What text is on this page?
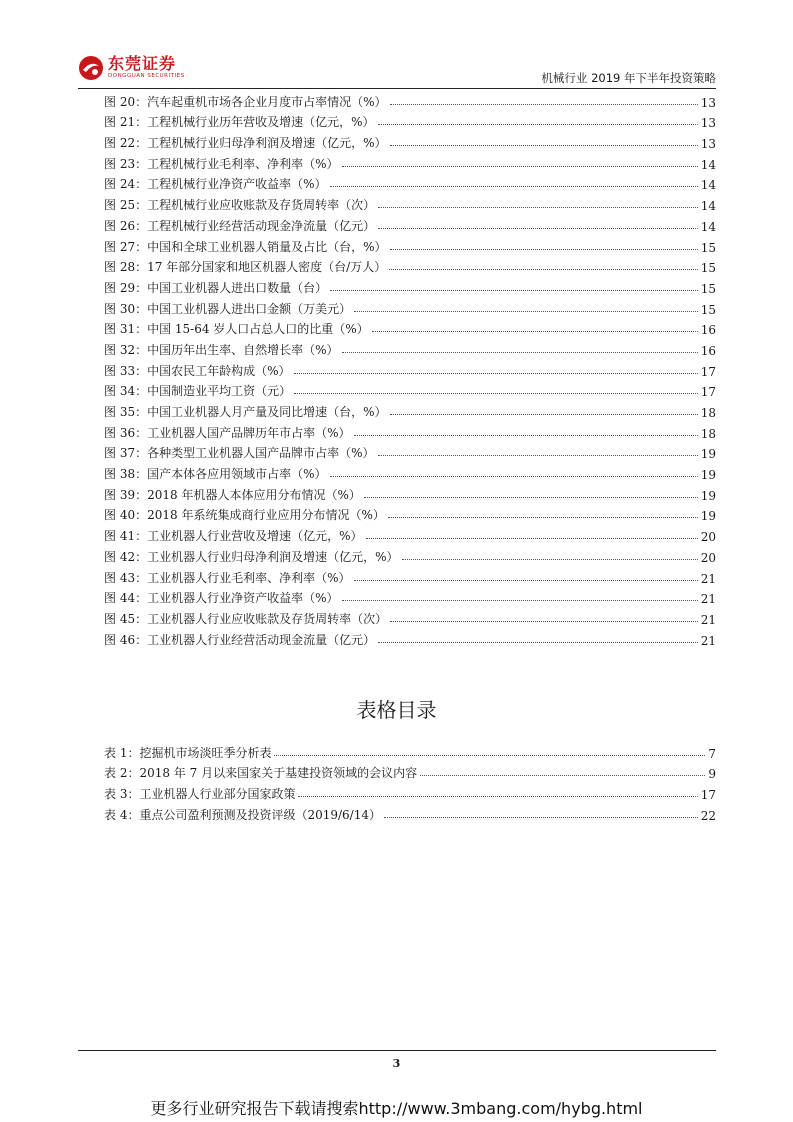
东莞证券
DONGGUAN SECURITIES	机械行业 2019 年下半年投资策略
图 20：汽车起重机市场各企业月度市占率情况（%）	13
图 21：工程机械行业历年营收及增速（亿元，%）	13
图 22：工程机械行业归母净利润及增速（亿元，%）	13
图 23：工程机械行业毛利率、净利率（%）	14
图 24：工程机械行业净资产收益率（%）	14
图 25：工程机械行业应收账款及存货周转率（次）	14
图 26：工程机械行业经营活动现金净流量（亿元）	14
图 27：中国和全球工业机器人销量及占比（台，%）	15
图 28：17 年部分国家和地区机器人密度（台/万人）	15
图 29：中国工业机器人进出口数量（台）	15
图 30：中国工业机器人进出口金额（万美元）	15
图 31：中国 15-64 岁人口占总人口的比重（%）	16
图 32：中国历年出生率、自然增长率（%）	16
图 33：中国农民工年龄构成（%）	17
图 34：中国制造业平均工资（元）	17
图 35：中国工业机器人月产量及同比增速（台，%）	18
图 36：工业机器人国产品牌历年市占率（%）	18
图 37：各种类型工业机器人国产品牌市占率（%）	19
图 38：国产本体各应用领域市占率（%）	19
图 39：2018 年机器人本体应用分布情况（%）	19
图 40：2018 年系统集成商行业应用分布情况（%）	19
图 41：工业机器人行业营收及增速（亿元，%）	20
图 42：工业机器人行业归母净利润及增速（亿元，%）	20
图 43：工业机器人行业毛利率、净利率（%）	21
图 44：工业机器人行业净资产收益率（%）	21
图 45：工业机器人行业应收账款及存货周转率（次）	21
图 46：工业机器人行业经营活动现金流量（亿元）	21
表格目录
表 1：挖掘机市场淡旺季分析表	7
表 2：2018 年 7 月以来国家关于基建投资领域的会议内容	9
表 3：工业机器人行业部分国家政策	17
表 4：重点公司盈利预测及投资评级（2019/6/14）	22
3
更多行业研究报告下载请搜索http://www.3mbang.com/hybg.html
